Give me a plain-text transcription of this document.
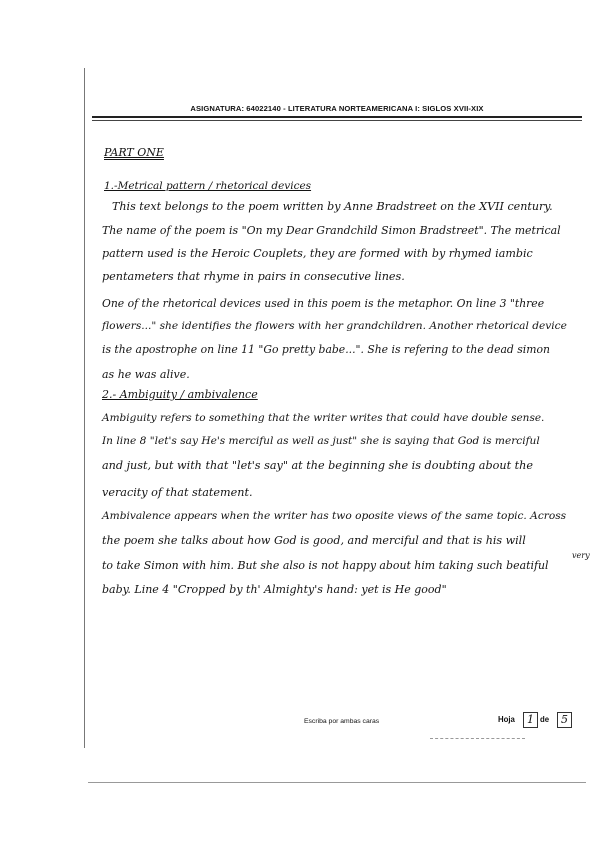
ASIGNATURA: 64022140 - LITERATURA NORTEAMERICANA I: SIGLOS XVII-XIX
PART ONE
1.-Metrical pattern / rhetorical devices
This text belongs to the poem written by Anne Bradstreet on the XVII century.
The name of the poem is "On my Dear Grandchild Simon Bradstreet". The metrical
pattern used is the Heroic Couplets, they are formed with by rhymed iambic
pentameters that rhyme in pairs in consecutive lines.
One of the rhetorical devices used in this poem is the metaphor. On line 3 "three
flowers..." she identifies the flowers with her grandchildren. Another rhetorical device
is the apostrophe on line 11 "Go pretty babe...". She is refering to the dead simon
as he was alive.
2.- Ambiguity / ambivalence
Ambiguity refers to something that the writer writes that could have double sense.
In line 8 "let's say He's merciful as well as just" she is saying that God is merciful
and just, but with that "let's say" at the beginning she is doubting about the
veracity of that statement.
Ambivalence appears when the writer has two oposite views of the same topic. Across
the poem she talks about how God is good, and merciful and that is his will
to take Simon with him. But she also is not happy about him taking such beatiful
very
baby. Line 4 "Cropped by th' Almighty's hand: yet is He good"
Escriba por ambas caras	Hoja	1 de	5
